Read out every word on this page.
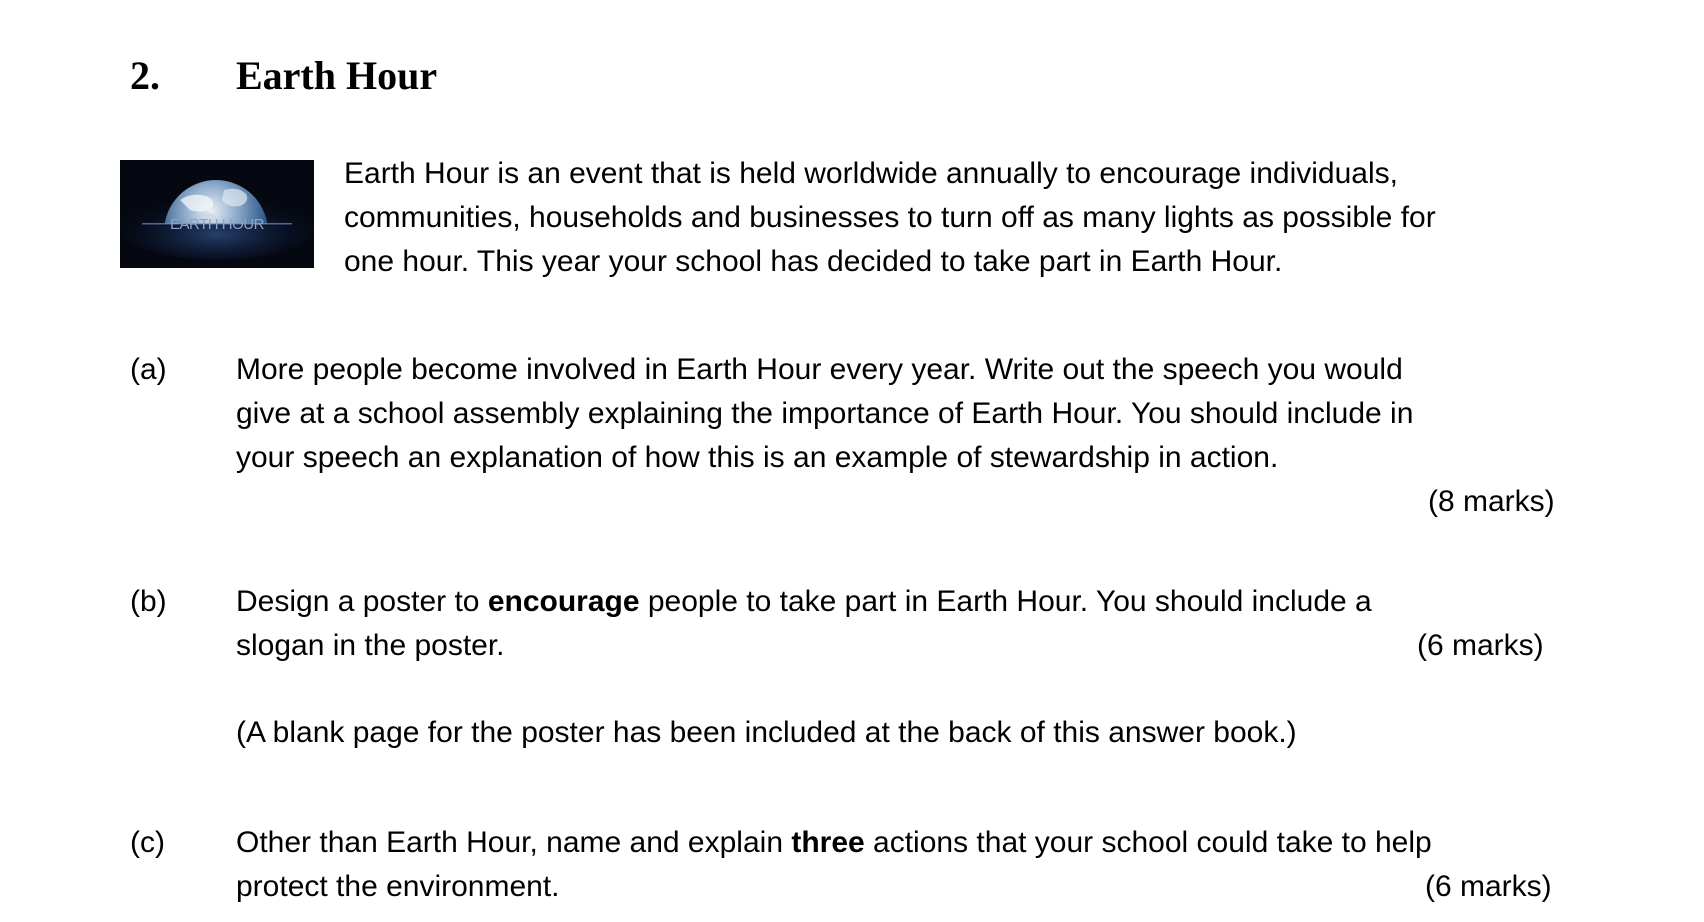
2. Earth Hour
EARTH HOUR
Earth Hour is an event that is held worldwide annually to encourage individuals,
communities, households and businesses to turn off as many lights as possible for
one hour. This year your school has decided to take part in Earth Hour.
(a) More people become involved in Earth Hour every year. Write out the speech you would
give at a school assembly explaining the importance of Earth Hour. You should include in
your speech an explanation of how this is an example of stewardship in action.
(8 marks)
(b) Design a poster to encourage people to take part in Earth Hour. You should include a
slogan in the poster.	(6 marks)
(A blank page for the poster has been included at the back of this answer book.)
(c) Other than Earth Hour, name and explain three actions that your school could take to help
protect the environment.	(6 marks)
